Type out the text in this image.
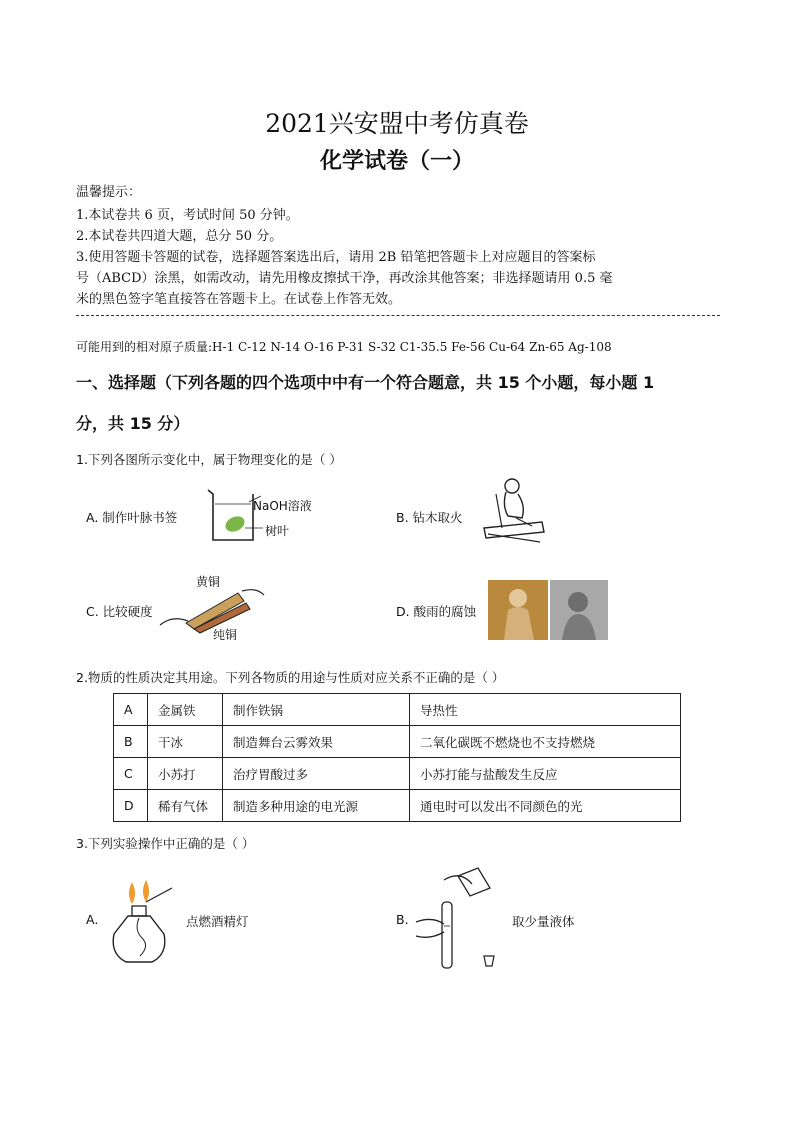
2021兴安盟中考仿真卷
化学试卷（一）
温馨提示：
1.本试卷共 6 页，考试时间 50 分钟。
2.本试卷共四道大题，总分 50 分。
3.使用答题卡答题的试卷，选择题答案选出后，请用 2B 铅笔把答题卡上对应题目的答案标
号（ABCD）涂黑，如需改动，请先用橡皮擦拭干净，再改涂其他答案；非选择题请用 0.5 毫
米的黑色签字笔直接答在答题卡上。在试卷上作答无效。
可能用到的相对原子质量:H-1 C-12 N-14 O-16 P-31 S-32 C1-35.5 Fe-56 Cu-64 Zn-65 Ag-108
一、选择题（下列各题的四个选项中中有一个符合题意，共 15 个小题，每小题 1
分，共 15 分）
1.下列各图所示变化中，属于物理变化的是（ ）
A. 制作叶脉书签
NaOH溶液
树叶
B. 钻木取火
黄铜
C. 比较硬度
纯铜
D. 酸雨的腐蚀
2.物质的性质决定其用途。下列各物质的用途与性质对应关系不正确的是（ ）
A	金属铁	制作铁锅	导热性
B	干冰	制造舞台云雾效果	二氧化碳既不燃烧也不支持燃烧
C	小苏打	治疗胃酸过多	小苏打能与盐酸发生反应
D	稀有气体	制造多种用途的电光源	通电时可以发出不同颜色的光
3.下列实验操作中正确的是（ ）
A.	点燃酒精灯	B.	取少量液体
